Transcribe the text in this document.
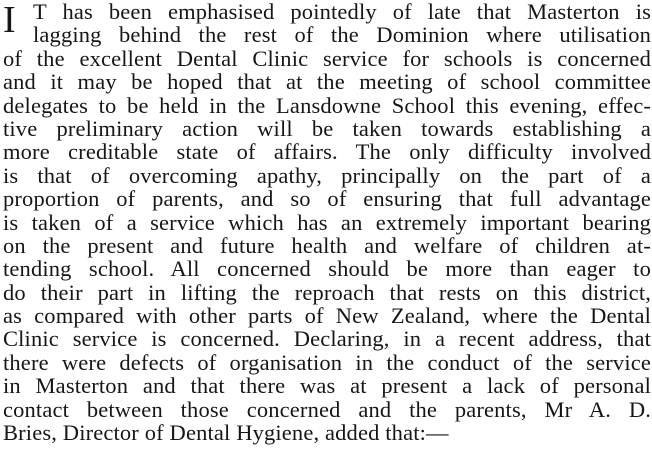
I T has been emphasised pointedly of late that Masterton is
lagging behind the rest of the Dominion where utilisation
of the excellent Dental Clinic service for schools is concerned
and it may be hoped that at the meeting of school committee
delegates to be held in the Lansdowne School this evening, effec-
tive preliminary action will be taken towards establishing a
more creditable state of affairs. The only difficulty involved
is that of overcoming apathy, principally on the part of a
proportion of parents, and so of ensuring that full advantage
is taken of a service which has an extremely important bearing
on the present and future health and welfare of children at-
tending school. All concerned should be more than eager to
do their part in lifting the reproach that rests on this district,
as compared with other parts of New Zealand, where the Dental
Clinic service is concerned. Declaring, in a recent address, that
there were defects of organisation in the conduct of the service
in Masterton and that there was at present a lack of personal
contact between those concerned and the parents, Mr A. D.
Bries, Director of Dental Hygiene, added that:—
